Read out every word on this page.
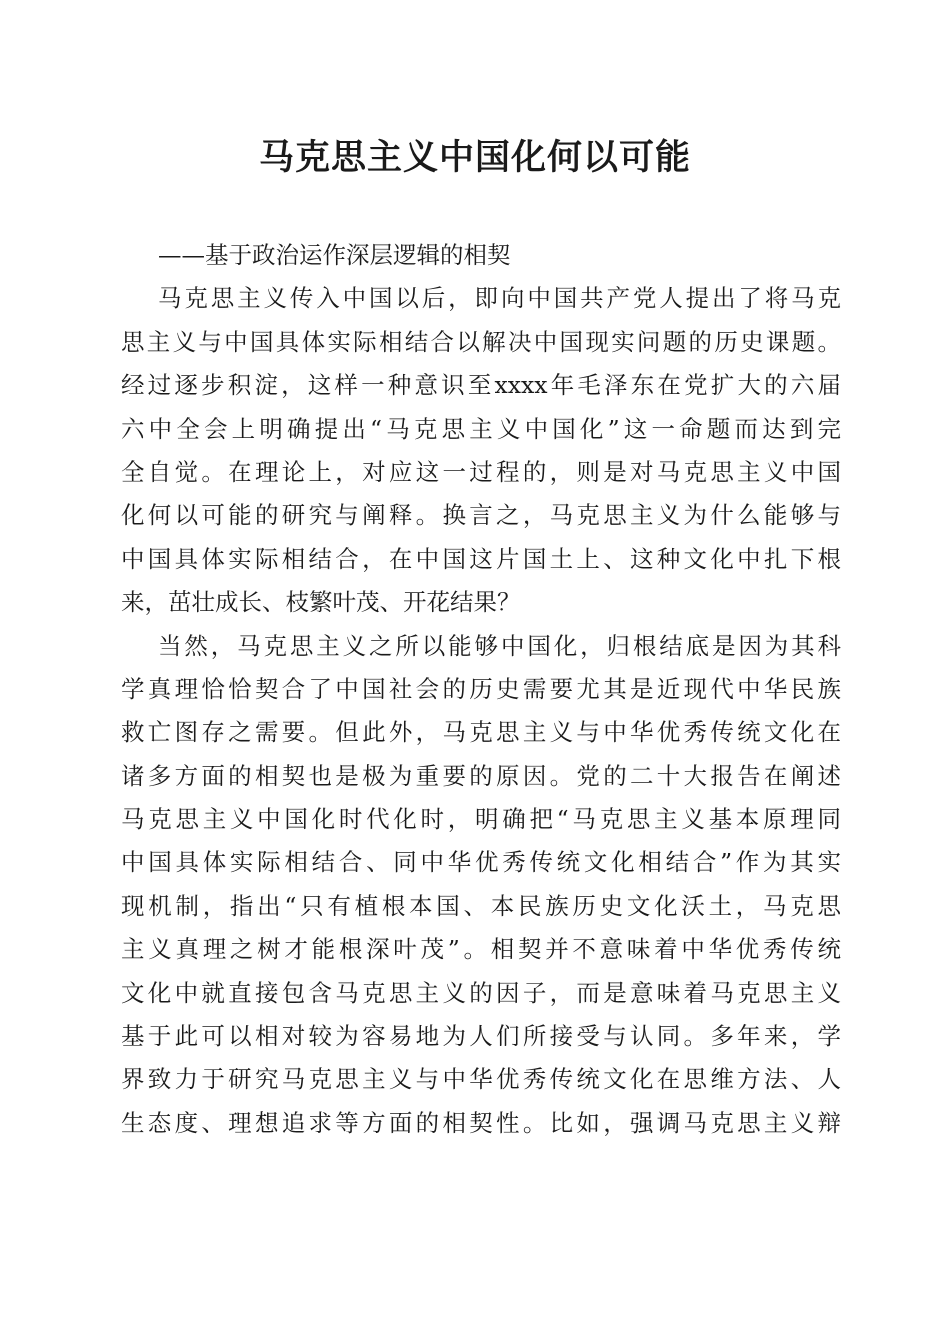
马克思主义中国化何以可能
——基于政治运作深层逻辑的相契
马克思主义传入中国以后，即向中国共产党人提出了将马克
思主义与中国具体实际相结合以解决中国现实问题的历史课题。
经过逐步积淀，这样一种意识至xxxx年毛泽东在党扩大的六届
六中全会上明确提出“马克思主义中国化”这一命题而达到完
全自觉。在理论上，对应这一过程的，则是对马克思主义中国
化何以可能的研究与阐释。换言之，马克思主义为什么能够与
中国具体实际相结合，在中国这片国土上、这种文化中扎下根
来，茁壮成长、枝繁叶茂、开花结果？
当然，马克思主义之所以能够中国化，归根结底是因为其科
学真理恰恰契合了中国社会的历史需要尤其是近现代中华民族
救亡图存之需要。但此外，马克思主义与中华优秀传统文化在
诸多方面的相契也是极为重要的原因。党的二十大报告在阐述
马克思主义中国化时代化时，明确把“马克思主义基本原理同
中国具体实际相结合、同中华优秀传统文化相结合”作为其实
现机制，指出“只有植根本国、本民族历史文化沃土，马克思
主义真理之树才能根深叶茂”。相契并不意味着中华优秀传统
文化中就直接包含马克思主义的因子，而是意味着马克思主义
基于此可以相对较为容易地为人们所接受与认同。多年来，学
界致力于研究马克思主义与中华优秀传统文化在思维方法、人
生态度、理想追求等方面的相契性。比如，强调马克思主义辩
